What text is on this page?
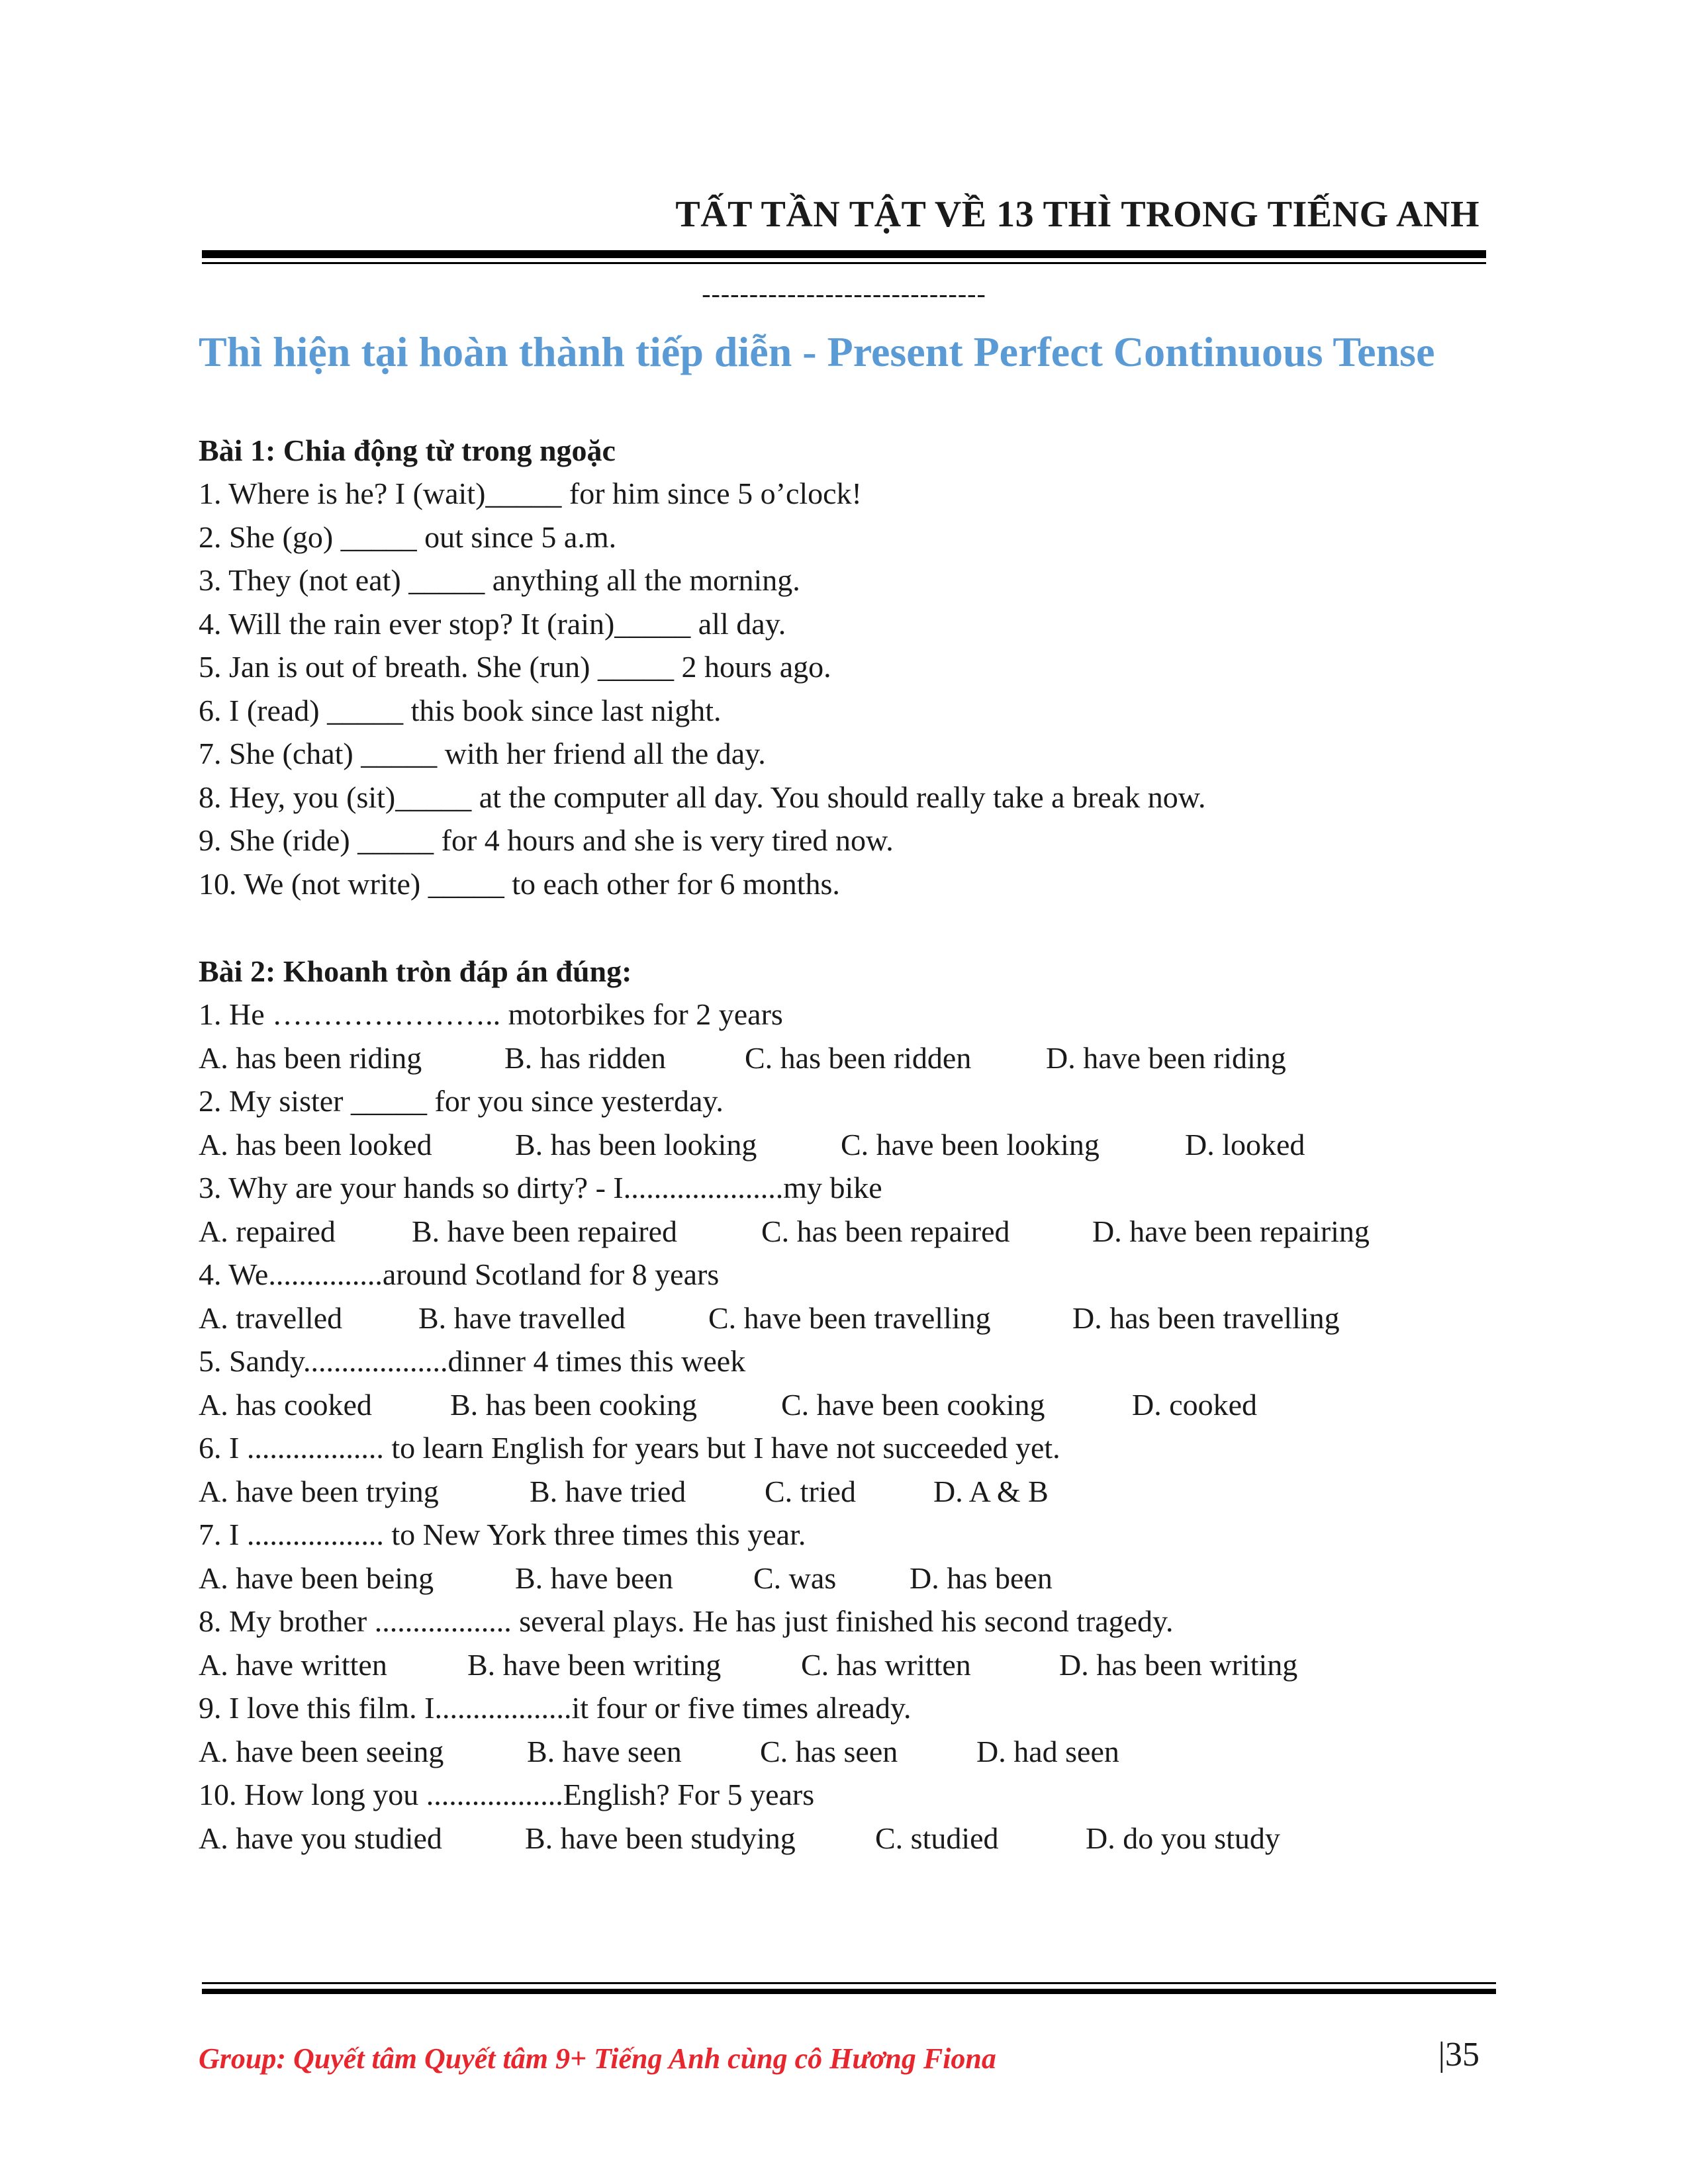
TẤT TẦN TẬT VỀ 13 THÌ TRONG TIẾNG ANH
------------------------------
Thì hiện tại hoàn thành tiếp diễn - Present Perfect Continuous Tense
Bài 1: Chia động từ trong ngoặc
1. Where is he? I (wait)_____ for him since 5 o’clock!
2. She (go) _____ out since 5 a.m.
3. They (not eat) _____ anything all the morning.
4. Will the rain ever stop? It (rain)_____ all day.
5. Jan is out of breath. She (run) _____ 2 hours ago.
6. I (read) _____ this book since last night.
7. She (chat) _____ with her friend all the day.
8. Hey, you (sit)_____ at the computer all day. You should really take a break now.
9. She (ride) _____ for 4 hours and she is very tired now.
10. We (not write) _____ to each other for 6 months.
Bài 2: Khoanh tròn đáp án đúng:
1. He ………………….. motorbikes for 2 years
A. has been riding	B. has ridden	C. has been ridden D. have been riding
2. My sister _____ for you since yesterday.
A. has been looked	B. has been looking	C. have been looking	D. looked
3. Why are your hands so dirty? - I.....................my bike
A. repaired	B. have been repaired	C. has been repaired	D. have been repairing
4. We...............around Scotland for 8 years
A. travelled B. have travelled	C. have been travelling	D. has been travelling
5. Sandy...................dinner 4 times this week
A. has cooked	B. has been cooking	C. have been cooking	D. cooked
6. I .................. to learn English for years but I have not succeeded yet.
A. have been trying	B. have tried	C. tried	D. A & B
7. I .................. to New York three times this year.
A. have been being	B. have been	C. was D. has been
8. My brother .................. several plays. He has just finished his second tragedy.
A. have written	B. have been writing	C. has written	D. has been writing
9. I love this film. I..................it four or five times already.
A. have been seeing	B. have seen	C. has seen	D. had seen
10. How long you ..................English? For 5 years
A. have you studied	B. have been studying	C. studied	D. do you study
Group: Quyết tâm Quyết tâm 9+ Tiếng Anh cùng cô Hương Fiona	|35
